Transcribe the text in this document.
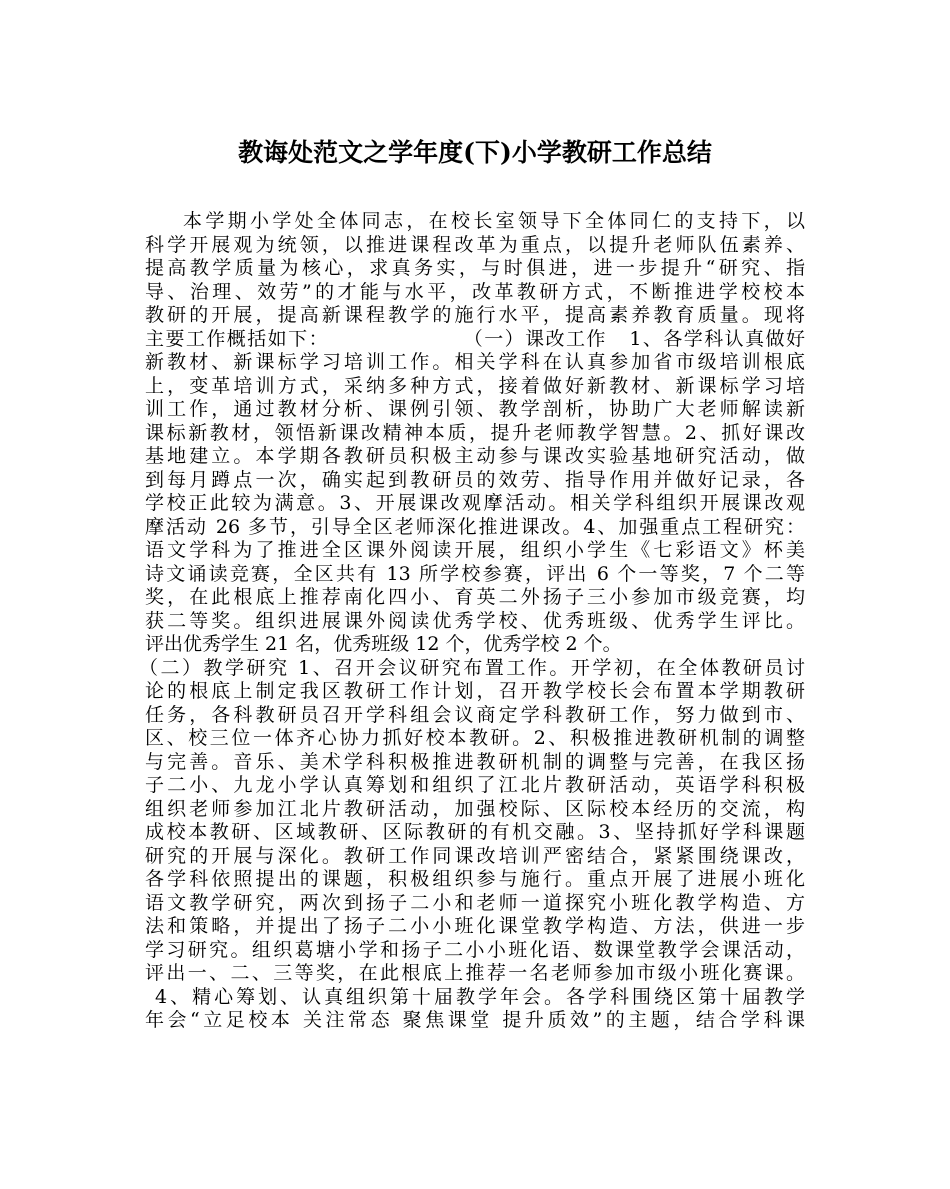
教诲处范文之学年度(下)小学教研工作总结
本学期小学处全体同志，在校长室领导下全体同仁的支持下，以
科学开展观为统领，以推进课程改革为重点，以提升老师队伍素养、
提高教学质量为核心，求真务实，与时俱进，进一步提升“研究、指
导、治理、效劳”的才能与水平，改革教研方式，不断推进学校校本
教研的开展，提高新课程教学的施行水平，提高素养教育质量。现将
主要工作概括如下：                  （一）课改工作   1、各学科认真做好
新教材、新课标学习培训工作。相关学科在认真参加省市级培训根底
上，变革培训方式，采纳多种方式，接着做好新教材、新课标学习培
训工作，通过教材分析、课例引领、教学剖析，协助广大老师解读新
课标新教材，领悟新课改精神本质，提升老师教学智慧。2、抓好课改
基地建立。本学期各教研员积极主动参与课改实验基地研究活动，做
到每月蹲点一次，确实起到教研员的效劳、指导作用并做好记录，各
学校正此较为满意。3、开展课改观摩活动。相关学科组织开展课改观
摩活动 26 多节，引导全区老师深化推进课改。4、加强重点工程研究：
语文学科为了推进全区课外阅读开展，组织小学生《七彩语文》杯美
诗文诵读竞赛，全区共有 13 所学校参赛，评出 6 个一等奖，7 个二等
奖，在此根底上推荐南化四小、育英二外扬子三小参加市级竞赛，均
获二等奖。组织进展课外阅读优秀学校、优秀班级、优秀学生评比。
评出优秀学生 21 名，优秀班级 12 个，优秀学校 2 个。
（二）教学研究 1、召开会议研究布置工作。开学初，在全体教研员讨
论的根底上制定我区教研工作计划，召开教学校长会布置本学期教研
任务，各科教研员召开学科组会议商定学科教研工作，努力做到市、
区、校三位一体齐心协力抓好校本教研。2、积极推进教研机制的调整
与完善。音乐、美术学科积极推进教研机制的调整与完善，在我区扬
子二小、九龙小学认真筹划和组织了江北片教研活动，英语学科积极
组织老师参加江北片教研活动，加强校际、区际校本经历的交流，构
成校本教研、区域教研、区际教研的有机交融。3、坚持抓好学科课题
研究的开展与深化。教研工作同课改培训严密结合，紧紧围绕课改，
各学科依照提出的课题，积极组织参与施行。重点开展了进展小班化
语文教学研究，两次到扬子二小和老师一道探究小班化教学构造、方
法和策略，并提出了扬子二小小班化课堂教学构造、方法，供进一步
学习研究。组织葛塘小学和扬子二小小班化语、数课堂教学会课活动，
评出一、二、三等奖，在此根底上推荐一名老师参加市级小班化赛课。
4、精心筹划、认真组织第十届教学年会。各学科围绕区第十届教学
年会“立足校本 关注常态 聚焦课堂 提升质效”的主题，结合学科课
